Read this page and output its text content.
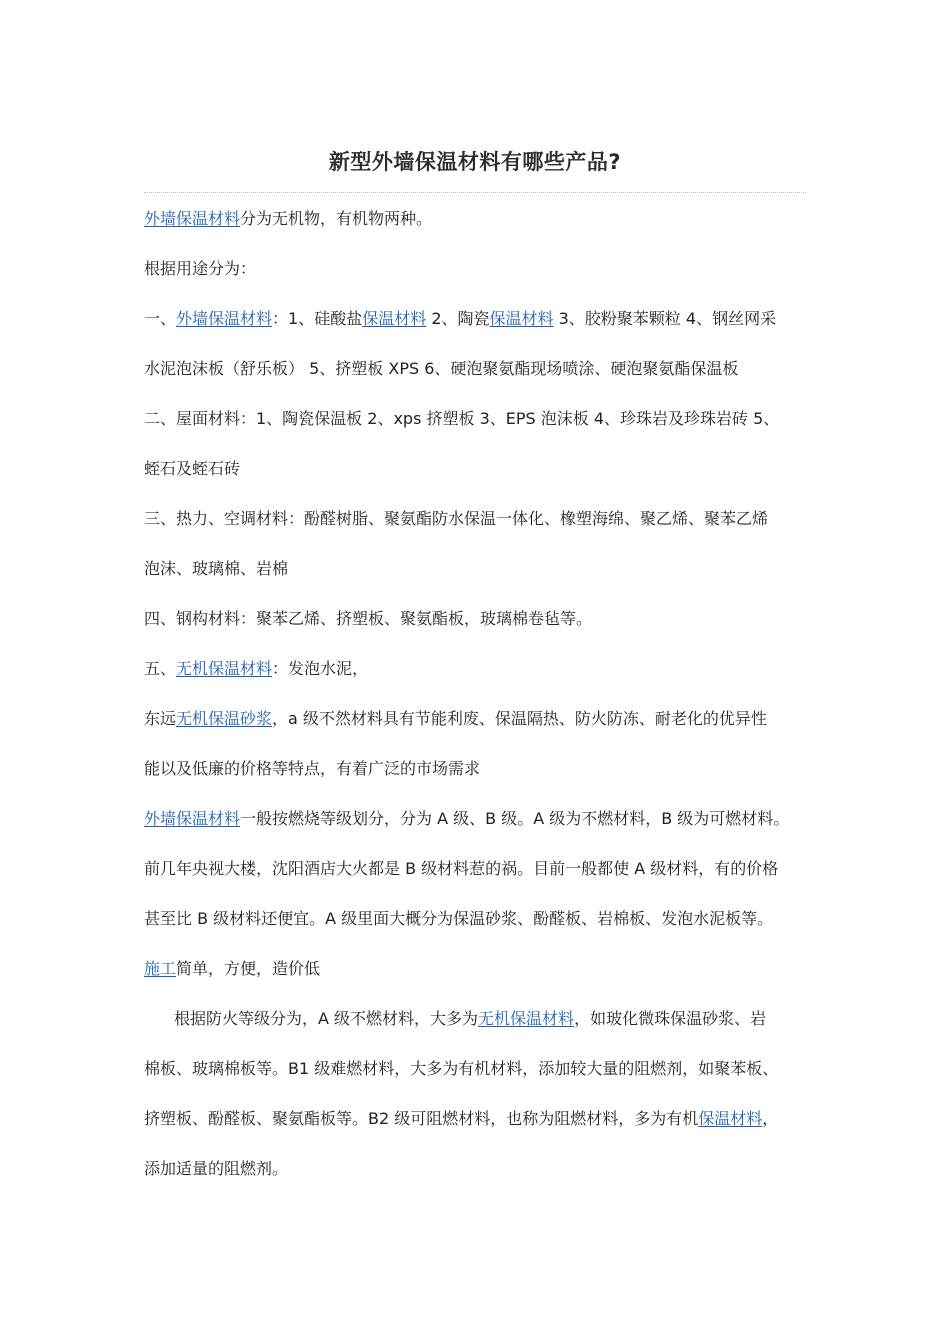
新型外墙保温材料有哪些产品?
外墙保温材料分为无机物，有机物两种。
根据用途分为：
一、外墙保温材料：1、硅酸盐保温材料 2、陶瓷保温材料 3、胶粉聚苯颗粒 4、钢丝网采
水泥泡沫板（舒乐板） 5、挤塑板 XPS 6、硬泡聚氨酯现场喷涂、硬泡聚氨酯保温板
二、屋面材料：1、陶瓷保温板 2、xps 挤塑板 3、EPS 泡沫板 4、珍珠岩及珍珠岩砖 5、
蛭石及蛭石砖
三、热力、空调材料：酚醛树脂、聚氨酯防水保温一体化、橡塑海绵、聚乙烯、聚苯乙烯
泡沫、玻璃棉、岩棉
四、钢构材料：聚苯乙烯、挤塑板、聚氨酯板，玻璃棉卷毡等。
五、无机保温材料：发泡水泥，
东远无机保温砂浆，a 级不然材料具有节能利废、保温隔热、防火防冻、耐老化的优异性
能以及低廉的价格等特点，有着广泛的市场需求
外墙保温材料一般按燃烧等级划分，分为 A 级、B 级。A 级为不燃材料，B 级为可燃材料。
前几年央视大楼，沈阳酒店大火都是 B 级材料惹的祸。目前一般都使 A 级材料，有的价格
甚至比 B 级材料还便宜。A 级里面大概分为保温砂浆、酚醛板、岩棉板、发泡水泥板等。
施工简单，方便，造价低
根据防火等级分为，A 级不燃材料，大多为无机保温材料，如玻化微珠保温砂浆、岩
棉板、玻璃棉板等。B1 级难燃材料，大多为有机材料，添加较大量的阻燃剂，如聚苯板、
挤塑板、酚醛板、聚氨酯板等。B2 级可阻燃材料，也称为阻燃材料，多为有机保温材料，
添加适量的阻燃剂。
